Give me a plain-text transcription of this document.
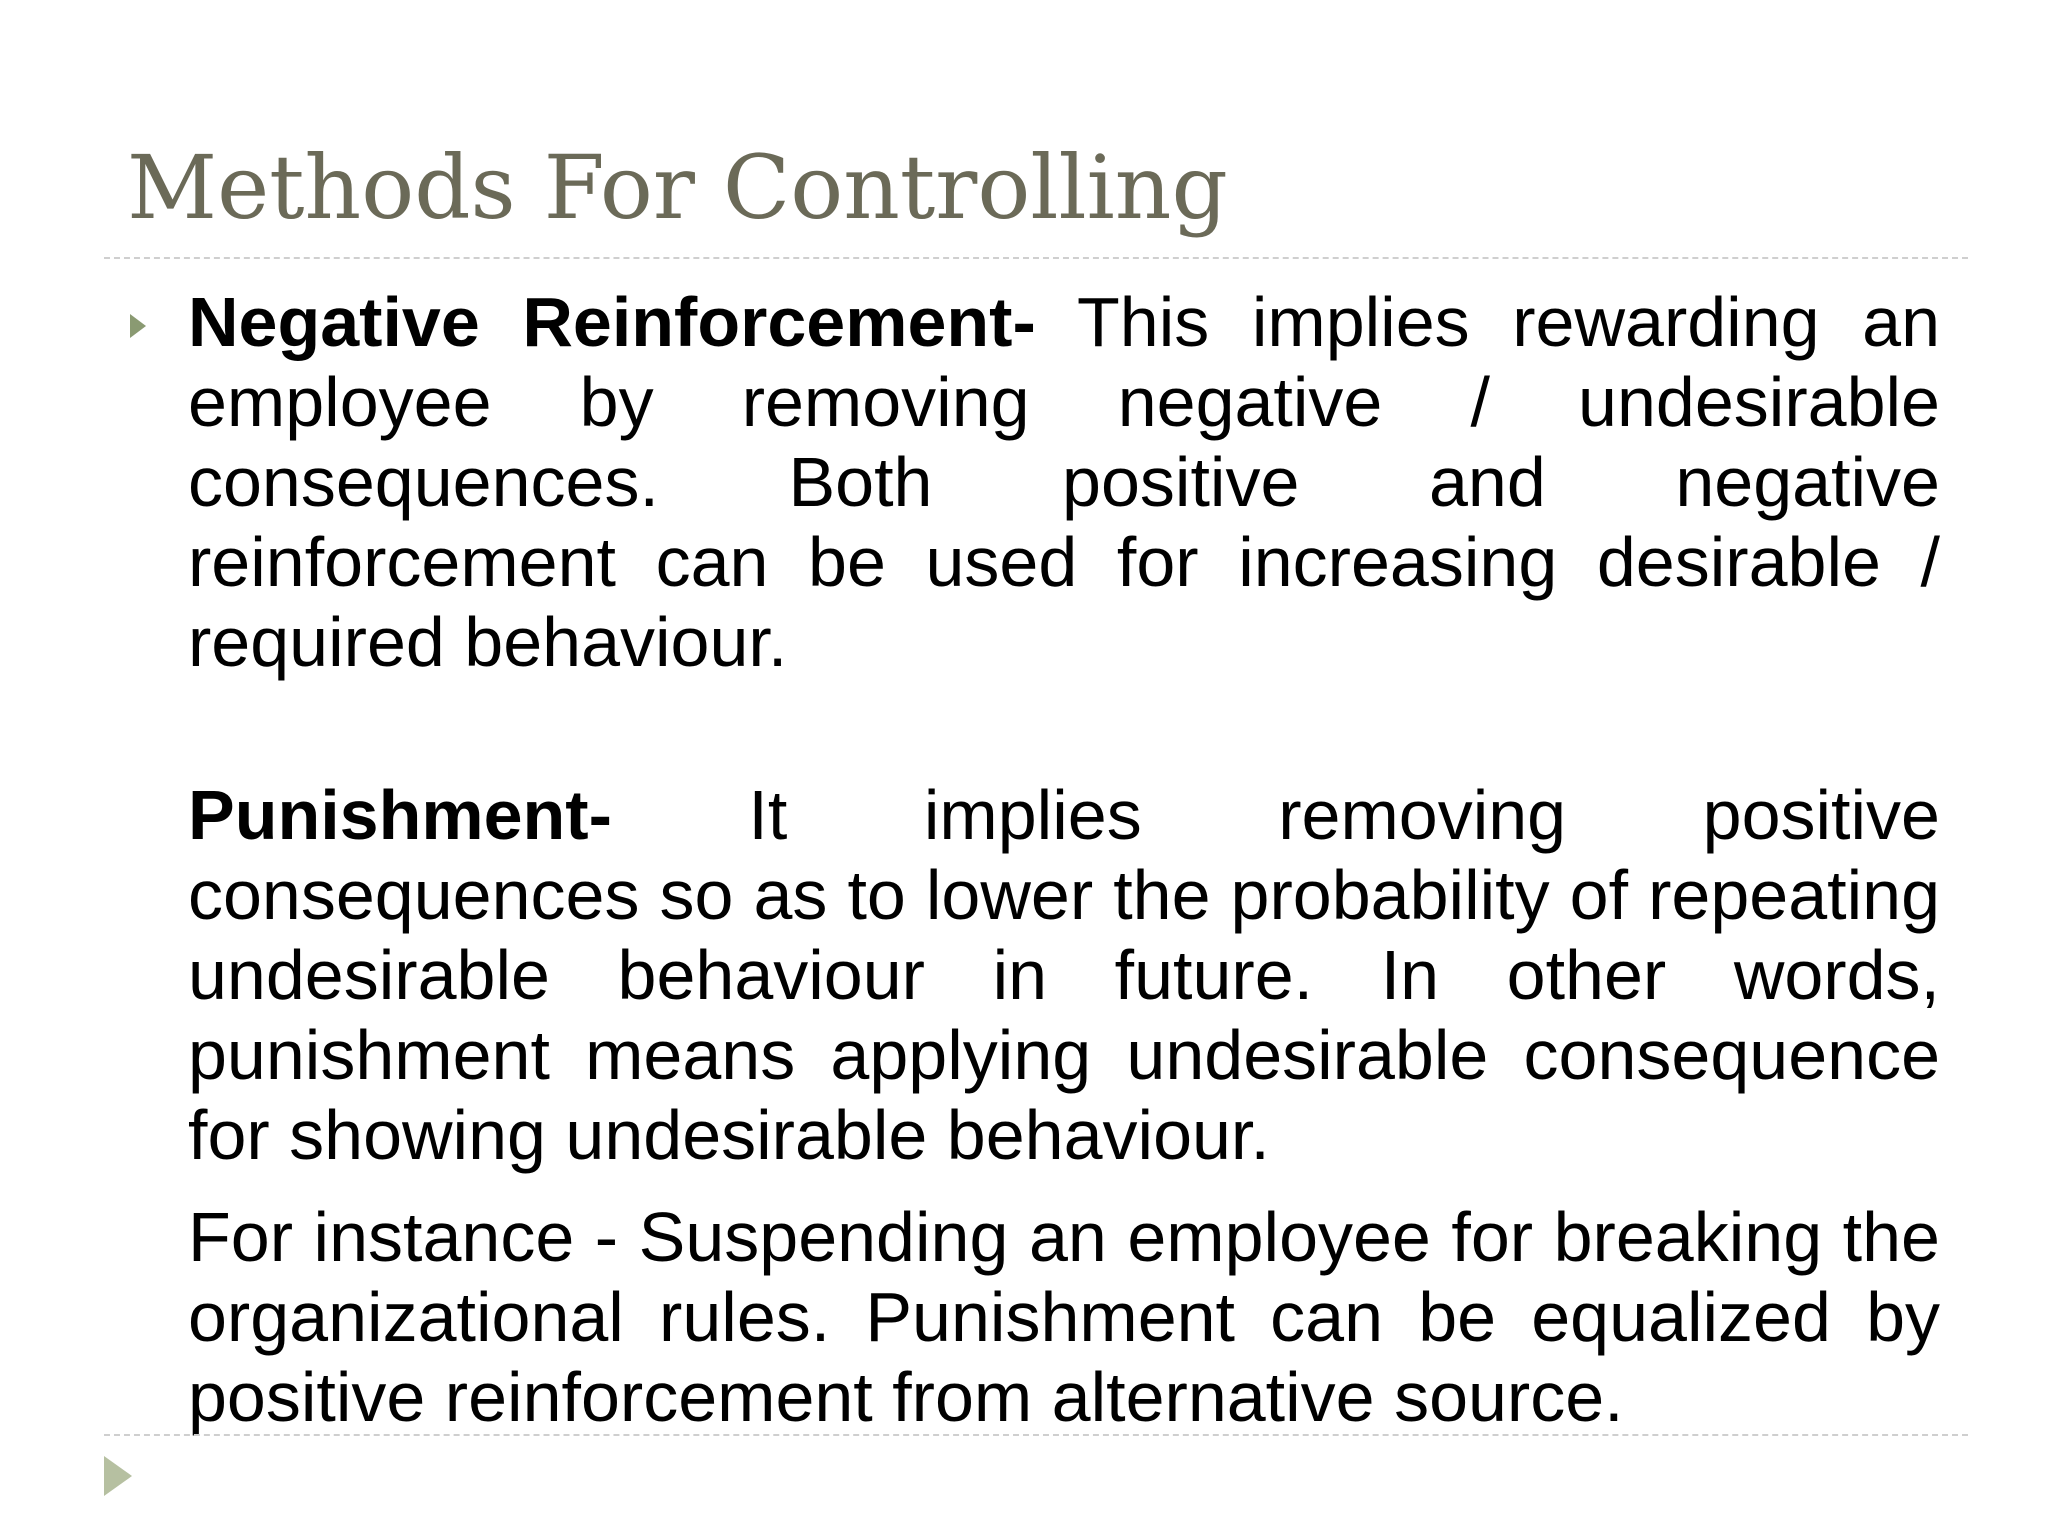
Methods For Controlling

Negative Reinforcement- This implies rewarding an employee by removing negative / undesirable consequences. Both positive and negative reinforcement can be used for increasing desirable / required behaviour.

Punishment- It implies removing positive consequences so as to lower the probability of repeating undesirable behaviour in future. In other words, punishment means applying undesirable consequence for showing undesirable behaviour.

For instance - Suspending an employee for breaking the organizational rules. Punishment can be equalized by positive reinforcement from alternative source.
